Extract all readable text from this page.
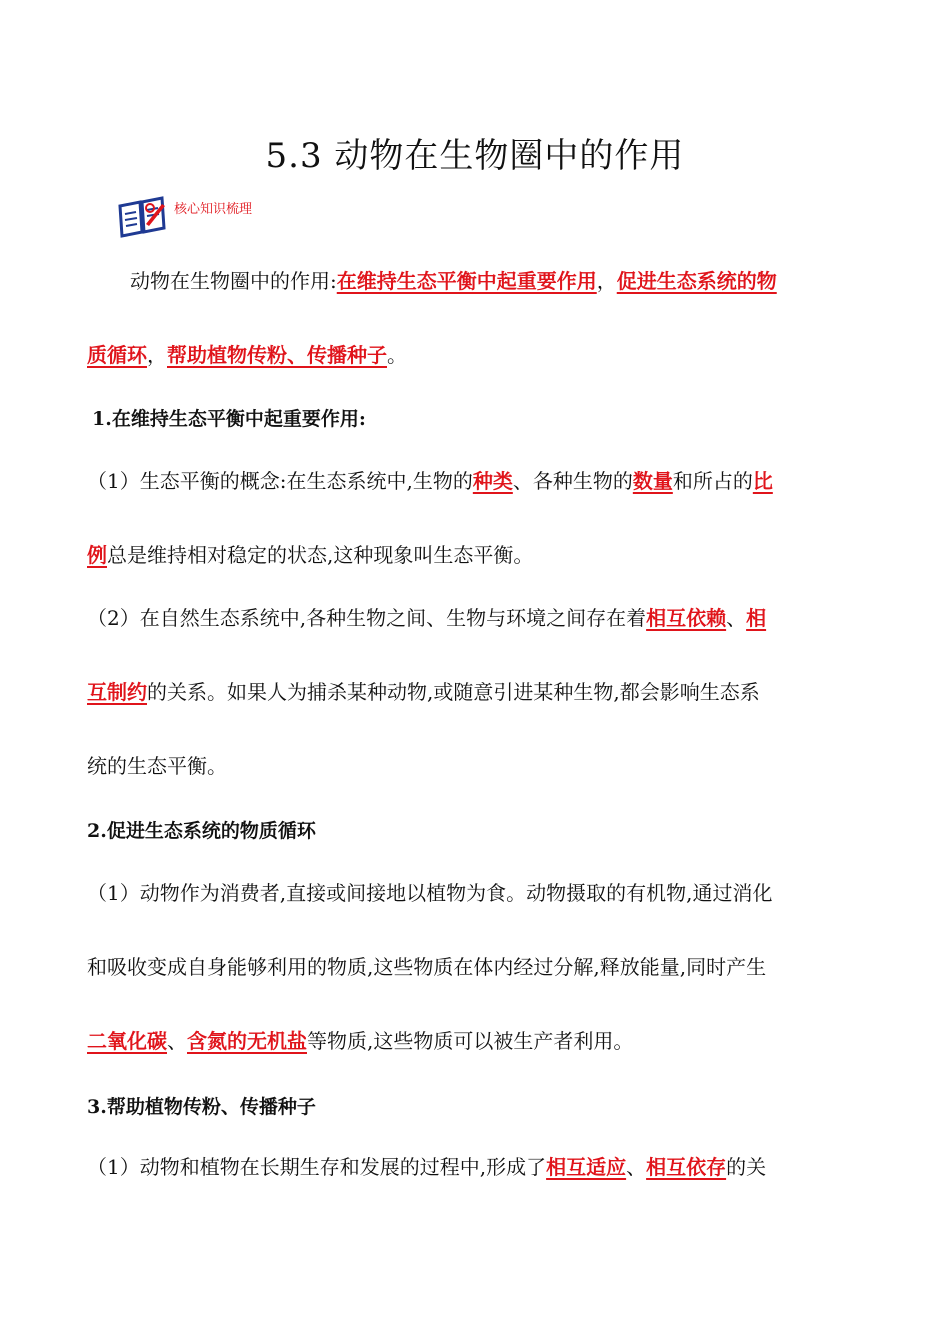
5.3 动物在生物圈中的作用
核心知识梳理

动物在生物圈中的作用:在维持生态平衡中起重要作用，促进生态系统的物

质循环，帮助植物传粉、传播种子。

1.在维持生态平衡中起重要作用:

（1）生态平衡的概念:在生态系统中,生物的种类、各种生物的数量和所占的比

例总是维持相对稳定的状态,这种现象叫生态平衡。

（2）在自然生态系统中,各种生物之间、生物与环境之间存在着相互依赖、相

互制约的关系。如果人为捕杀某种动物,或随意引进某种生物,都会影响生态系

统的生态平衡。

2.促进生态系统的物质循环

（1）动物作为消费者,直接或间接地以植物为食。动物摄取的有机物,通过消化

和吸收变成自身能够利用的物质,这些物质在体内经过分解,释放能量,同时产生

二氧化碳、含氮的无机盐等物质,这些物质可以被生产者利用。

3.帮助植物传粉、传播种子

（1）动物和植物在长期生存和发展的过程中,形成了相互适应、相互依存的关
